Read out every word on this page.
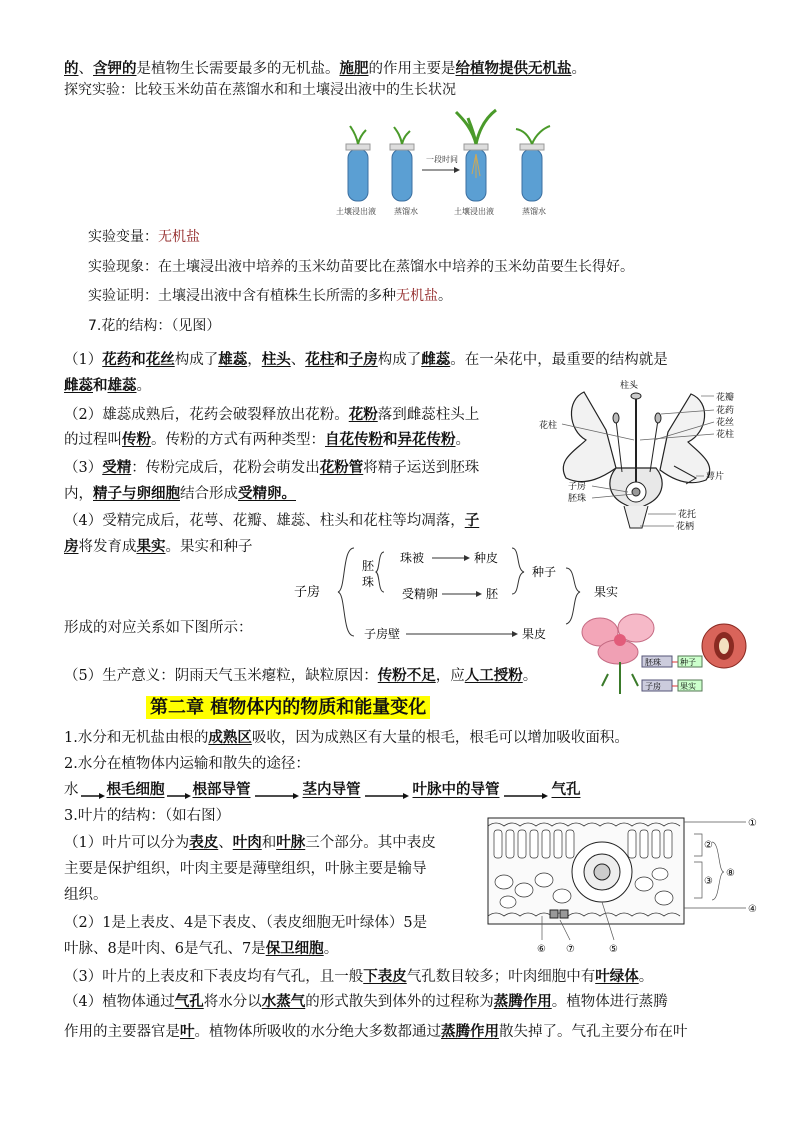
的、含钾的是植物生长需要最多的无机盐。施肥的作用主要是给植物提供无机盐。
探究实验：比较玉米幼苗在蒸馏水和和土壤浸出液中的生长状况
一段时间
土壤浸出液 蒸馏水	土壤浸出液	蒸馏水
实验变量：无机盐
实验现象：在土壤浸出液中培养的玉米幼苗要比在蒸馏水中培养的玉米幼苗要生长得好。
实验证明：土壤浸出液中含有植株生长所需的多种无机盐。
7.花的结构：（见图）
（1）花药和花丝构成了雄蕊，柱头、花柱和子房构成了雌蕊。在一朵花中，最重要的结构就是
雌蕊和雄蕊。
（2）雄蕊成熟后，花药会破裂释放出花粉。花粉落到雌蕊柱头上
的过程叫传粉。传粉的方式有两种类型：自花传粉和异花传粉。
（3）受精：传粉完成后，花粉会萌发出花粉管将精子运送到胚珠
内，精子与卵细胞结合形成受精卵。
（4）受精完成后，花萼、花瓣、雄蕊、柱头和花柱等均凋落，子
房将发育成果实。果实和种子
形成的对应关系如下图所示：
柱头
花瓣
花药
花丝
花柱
花柱
萼片
子房
胚珠
花托
花柄
子房
胚
珠
珠被	种皮
受精卵	胚
种子
果实
子房壁	果皮
胚珠 种子
子房 果实
（5）生产意义：阴雨天气玉米瘪粒，缺粒原因：传粉不足，应人工授粉。
第二章 植物体内的物质和能量变化
1.水分和无机盐由根的成熟区吸收，因为成熟区有大量的根毛，根毛可以增加吸收面积。
2.水分在植物体内运输和散失的途径：
水 根毛细胞 根部导管	茎内导管	叶脉中的导管	气孔
3.叶片的结构：（如右图）
（1）叶片可以分为表皮、叶肉和叶脉三个部分。其中表皮
主要是保护组织，叶肉主要是薄壁组织，叶脉主要是输导
组织。
（2）1是上表皮、4是下表皮、（表皮细胞无叶绿体）5是
叶脉、8是叶肉、6是气孔、7是保卫细胞。
①
②
③
④
⑤
⑥ ⑦
⑧
（3）叶片的上表皮和下表皮均有气孔，且一般下表皮气孔数目较多；叶肉细胞中有叶绿体。
（4）植物体通过气孔将水分以水蒸气的形式散失到体外的过程称为蒸腾作用。植物体进行蒸腾
作用的主要器官是叶。植物体所吸收的水分绝大多数都通过蒸腾作用散失掉了。气孔主要分布在叶
